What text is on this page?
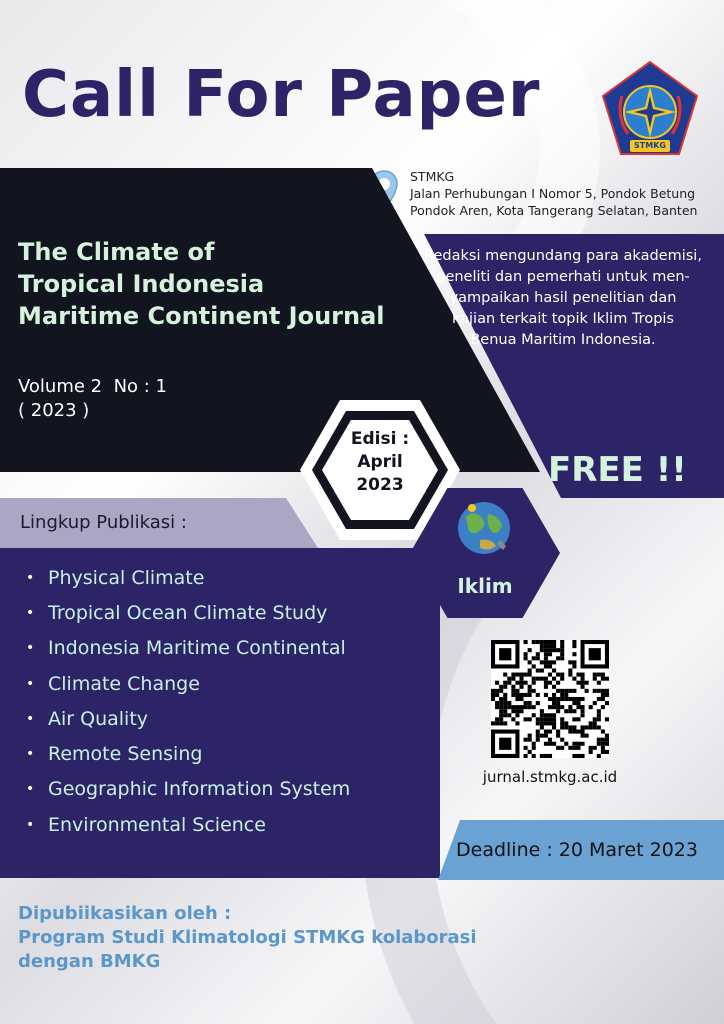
Call For Paper
STMKG
STMKG
Jalan Perhubungan I Nomor 5, Pondok Betung
Pondok Aren, Kota Tangerang Selatan, Banten
The Climate of
Tropical Indonesia
Maritime Continent Journal
Volume 2  No : 1
( 2023 )
Redaksi mengundang para akademisi,
peneliti dan pemerhati untuk men-
yampaikan hasil penelitian dan
kajian terkait topik Iklim Tropis
Benua Maritim Indonesia.
FREE !!
Lingkup Publikasi :
• Physical Climate
• Tropical Ocean Climate Study
• Indonesia Maritime Continental
• Climate Change
• Air Quality
• Remote Sensing
• Geographic Information System
• Environmental Science
Edisi :
April
2023
Iklim
jurnal.stmkg.ac.id
Deadline : 20 Maret 2023
Dipubiikasikan oleh :
Program Studi Klimatologi STMKG kolaborasi
dengan BMKG
